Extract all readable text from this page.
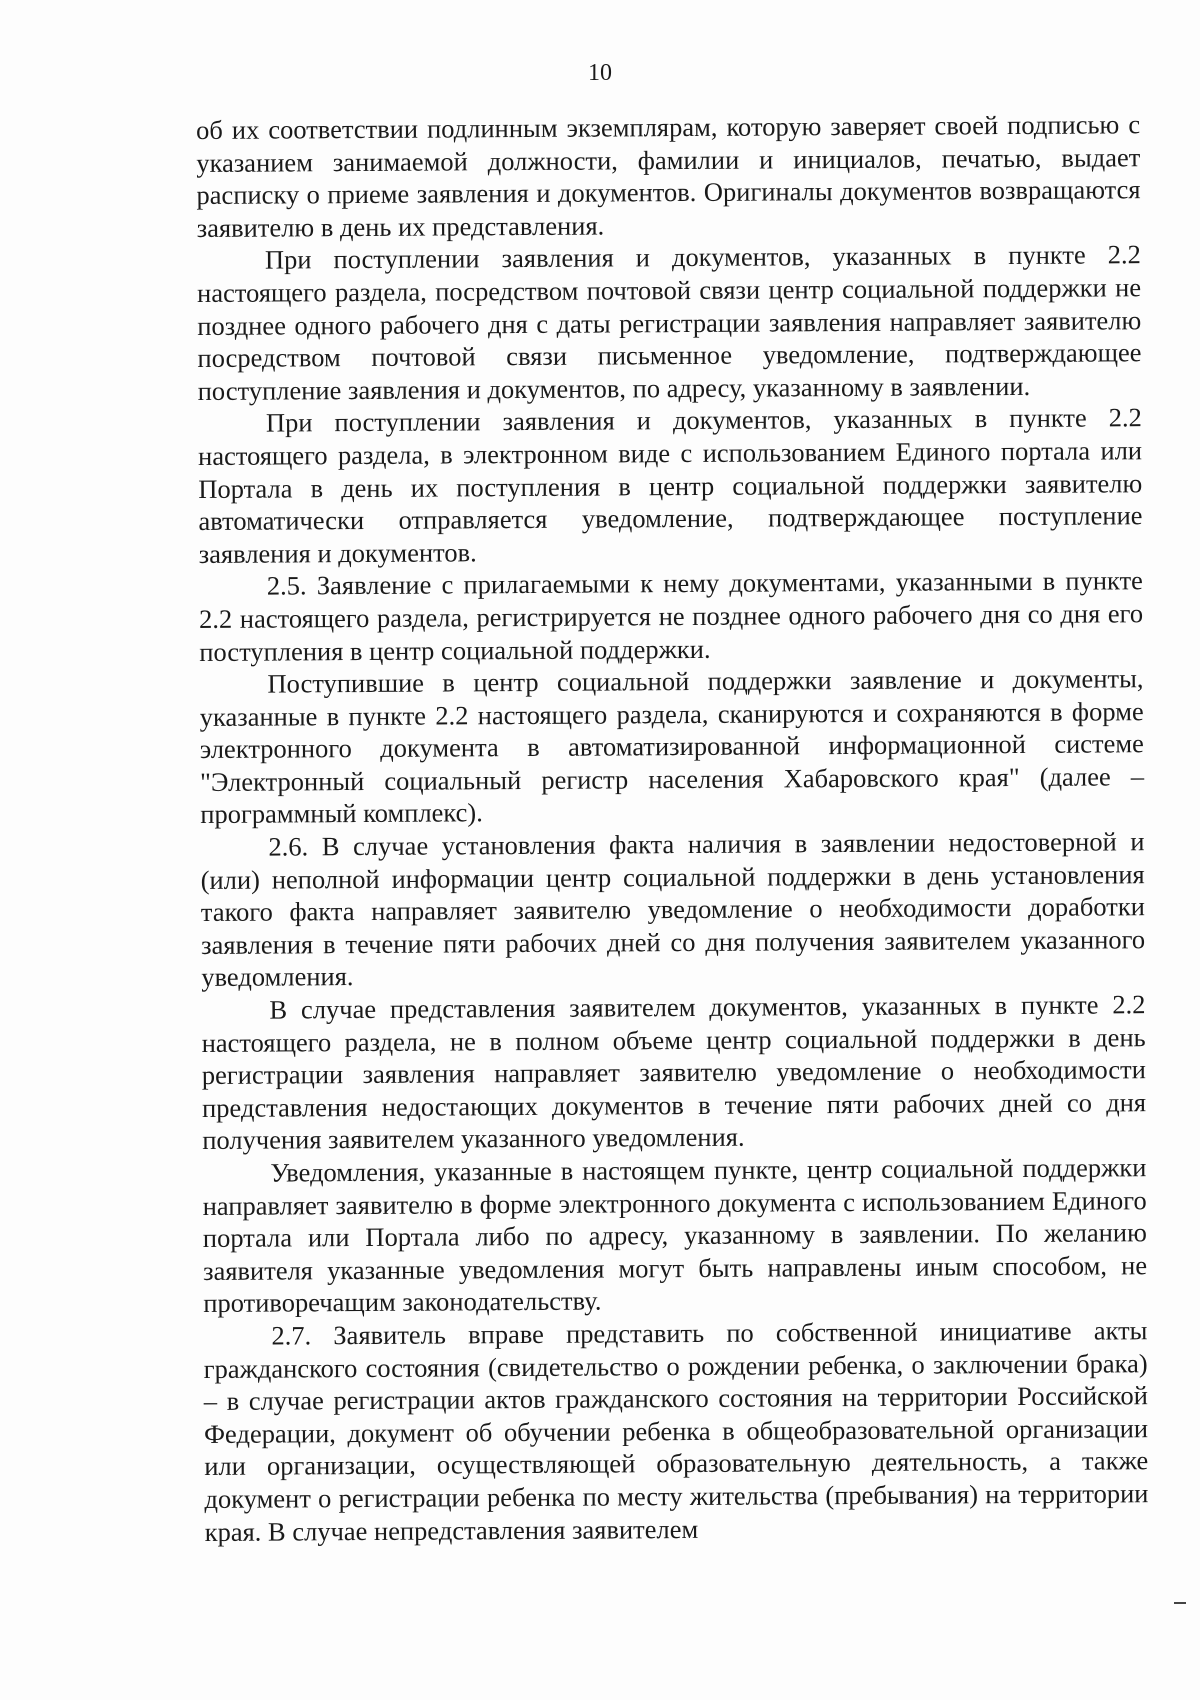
10

об их соответствии подлинным экземплярам, которую заверяет своей подписью с указанием занимаемой должности, фамилии и инициалов, печатью, выдает расписку о приеме заявления и документов. Оригиналы документов возвращаются заявителю в день их представления.

При поступлении заявления и документов, указанных в пункте 2.2 настоящего раздела, посредством почтовой связи центр социальной поддержки не позднее одного рабочего дня с даты регистрации заявления направляет заявителю посредством почтовой связи письменное уведомление, подтверждающее поступление заявления и документов, по адресу, указанному в заявлении.

При поступлении заявления и документов, указанных в пункте 2.2 настоящего раздела, в электронном виде с использованием Единого портала или Портала в день их поступления в центр социальной поддержки заявителю автоматически отправляется уведомление, подтверждающее поступление заявления и документов.

2.5. Заявление с прилагаемыми к нему документами, указанными в пункте 2.2 настоящего раздела, регистрируется не позднее одного рабочего дня со дня его поступления в центр социальной поддержки.

Поступившие в центр социальной поддержки заявление и документы, указанные в пункте 2.2 настоящего раздела, сканируются и сохраняются в форме электронного документа в автоматизированной информационной системе "Электронный социальный регистр населения Хабаровского края" (далее – программный комплекс).

2.6. В случае установления факта наличия в заявлении недостоверной и (или) неполной информации центр социальной поддержки в день установления такого факта направляет заявителю уведомление о необходимости доработки заявления в течение пяти рабочих дней со дня получения заявителем указанного уведомления.

В случае представления заявителем документов, указанных в пункте 2.2 настоящего раздела, не в полном объеме центр социальной поддержки в день регистрации заявления направляет заявителю уведомление о необходимости представления недостающих документов в течение пяти рабочих дней со дня получения заявителем указанного уведомления.

Уведомления, указанные в настоящем пункте, центр социальной поддержки направляет заявителю в форме электронного документа с использованием Единого портала или Портала либо по адресу, указанному в заявлении. По желанию заявителя указанные уведомления могут быть направлены иным способом, не противоречащим законодательству.

2.7. Заявитель вправе представить по собственной инициативе акты гражданского состояния (свидетельство о рождении ребенка, о заключении брака) – в случае регистрации актов гражданского состояния на территории Российской Федерации, документ об обучении ребенка в общеобразовательной организации или организации, осуществляющей образовательную деятельность, а также документ о регистрации ребенка по месту жительства (пребывания) на территории края. В случае непредставления заявителем
